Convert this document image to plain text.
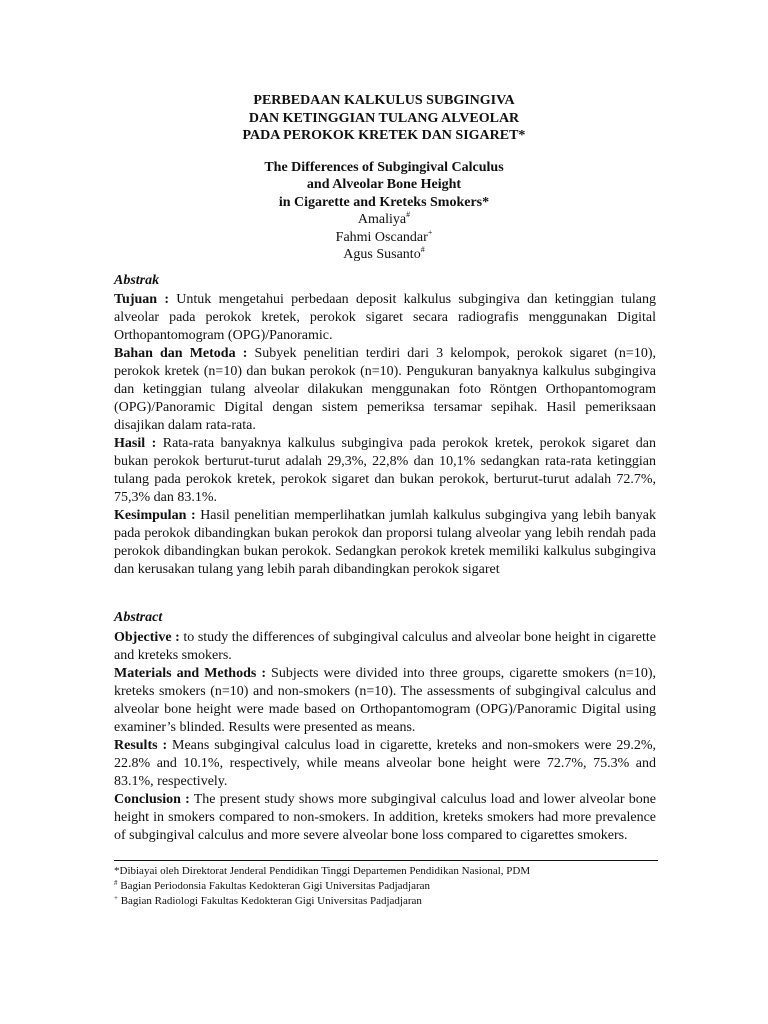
PERBEDAAN KALKULUS SUBGINGIVA
DAN KETINGGIAN TULANG ALVEOLAR
PADA PEROKOK KRETEK DAN SIGARET*
The Differences of Subgingival Calculus
and Alveolar Bone Height
in Cigarette and Kreteks Smokers*
Amaliya#
Fahmi Oscandar+
Agus Susanto#

Abstrak

Tujuan : Untuk mengetahui perbedaan deposit kalkulus subgingiva dan ketinggian tulang alveolar pada perokok kretek, perokok sigaret secara radiografis menggunakan Digital Orthopantomogram (OPG)/Panoramic.

Bahan dan Metoda : Subyek penelitian terdiri dari 3 kelompok, perokok sigaret (n=10), perokok kretek (n=10) dan bukan perokok (n=10). Pengukuran banyaknya kalkulus subgingiva dan ketinggian tulang alveolar dilakukan menggunakan foto Röntgen Orthopantomogram (OPG)/Panoramic Digital dengan sistem pemeriksa tersamar sepihak. Hasil pemeriksaan disajikan dalam rata-rata.

Hasil : Rata-rata banyaknya kalkulus subgingiva pada perokok kretek, perokok sigaret dan bukan perokok berturut-turut adalah 29,3%, 22,8% dan 10,1% sedangkan rata-rata ketinggian tulang pada perokok kretek, perokok sigaret dan bukan perokok, berturut-turut adalah 72.7%, 75,3% dan 83.1%.

Kesimpulan : Hasil penelitian memperlihatkan jumlah kalkulus subgingiva yang lebih banyak pada perokok dibandingkan bukan perokok dan proporsi tulang alveolar yang lebih rendah pada perokok dibandingkan bukan perokok. Sedangkan perokok kretek memiliki kalkulus subgingiva dan kerusakan tulang yang lebih parah dibandingkan perokok sigaret

Abstract

Objective : to study the differences of subgingival calculus and alveolar bone height in cigarette and kreteks smokers.

Materials and Methods : Subjects were divided into three groups, cigarette smokers (n=10), kreteks smokers (n=10) and non-smokers (n=10). The assessments of subgingival calculus and alveolar bone height were made based on Orthopantomogram (OPG)/Panoramic Digital using examiner’s blinded. Results were presented as means.

Results : Means subgingival calculus load in cigarette, kreteks and non-smokers were 29.2%, 22.8% and 10.1%, respectively, while means alveolar bone height were 72.7%, 75.3% and 83.1%, respectively.

Conclusion : The present study shows more subgingival calculus load and lower alveolar bone height in smokers compared to non-smokers. In addition, kreteks smokers had more prevalence of subgingival calculus and more severe alveolar bone loss compared to cigarettes smokers.

*Dibiayai oleh Direktorat Jenderal Pendidikan Tinggi Departemen Pendidikan Nasional, PDM

# Bagian Periodonsia Fakultas Kedokteran Gigi Universitas Padjadjaran

+ Bagian Radiologi Fakultas Kedokteran Gigi Universitas Padjadjaran
